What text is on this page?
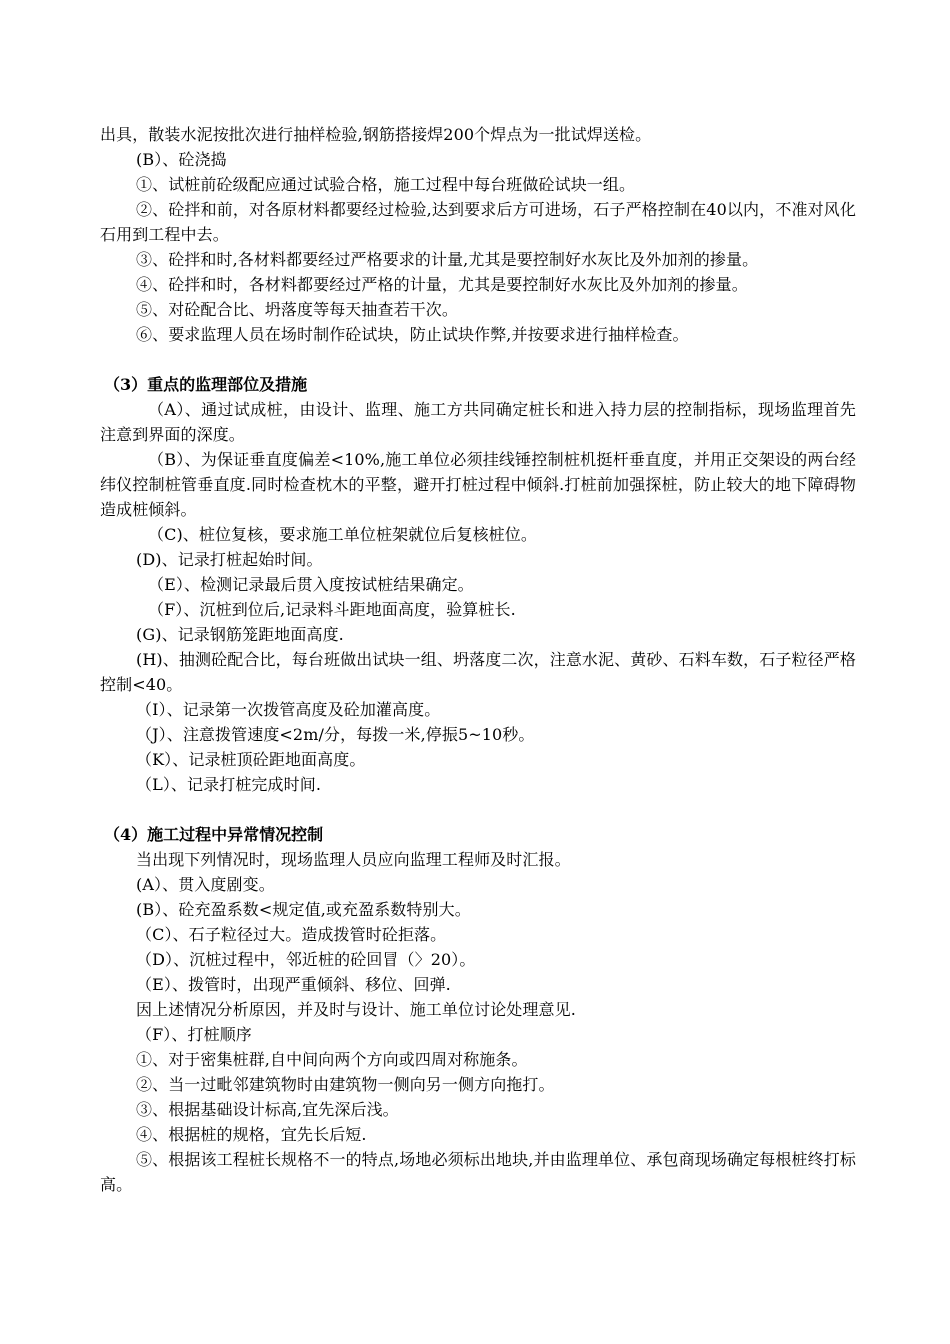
出具，散装水泥按批次进行抽样检验,钢筋搭接焊200个焊点为一批试焊送检。

(B）、砼浇捣

①、试桩前砼级配应通过试验合格，施工过程中每台班做砼试块一组。

②、砼拌和前，对各原材料都要经过检验,达到要求后方可进场，石子严格控制在40以内，不准对风化石用到工程中去。

③、砼拌和时,各材料都要经过严格要求的计量,尤其是要控制好水灰比及外加剂的掺量。

④、砼拌和时，各材料都要经过严格的计量，尤其是要控制好水灰比及外加剂的掺量。

⑤、对砼配合比、坍落度等每天抽查若干次。

⑥、要求监理人员在场时制作砼试块，防止试块作弊,并按要求进行抽样检查。

（3）重点的监理部位及措施

（A）、通过试成桩，由设计、监理、施工方共同确定桩长和进入持力层的控制指标，现场监理首先注意到界面的深度。

（B）、为保证垂直度偏差<10%,施工单位必须挂线锤控制桩机挺杆垂直度，并用正交架设的两台经纬仪控制桩管垂直度.同时检查枕木的平整，避开打桩过程中倾斜.打桩前加强探桩，防止较大的地下障碍物造成桩倾斜。

（C)、桩位复核，要求施工单位桩架就位后复核桩位。

(D)、记录打桩起始时间。

（E）、检测记录最后贯入度按试桩结果确定。

（F）、沉桩到位后,记录料斗距地面高度，验算桩长.

(G)、记录钢筋笼距地面高度.

(H)、抽测砼配合比，每台班做出试块一组、坍落度二次，注意水泥、黄砂、石料车数，石子粒径严格控制<40。

（I）、记录第一次拨管高度及砼加灌高度。

（J）、注意拨管速度<2m/分，每拨一米,停振5~10秒。

（K）、记录桩顶砼距地面高度。

（L）、记录打桩完成时间.

（4）施工过程中异常情况控制

当出现下列情况时，现场监理人员应向监理工程师及时汇报。

(A）、贯入度剧变。

(B）、砼充盈系数<规定值,或充盈系数特别大。

（C）、石子粒径过大。造成拨管时砼拒落。

（D）、沉桩过程中，邻近桩的砼回冒（〉20）。

（E）、拨管时，出现严重倾斜、移位、回弹.

因上述情况分析原因，并及时与设计、施工单位讨论处理意见.

（F）、打桩顺序

①、对于密集桩群,自中间向两个方向或四周对称施条。

②、当一过毗邻建筑物时由建筑物一侧向另一侧方向拖打。

③、根据基础设计标高,宜先深后浅。

④、根据桩的规格，宜先长后短.

⑤、根据该工程桩长规格不一的特点,场地必须标出地块,并由监理单位、承包商现场确定每根桩终打标高。
